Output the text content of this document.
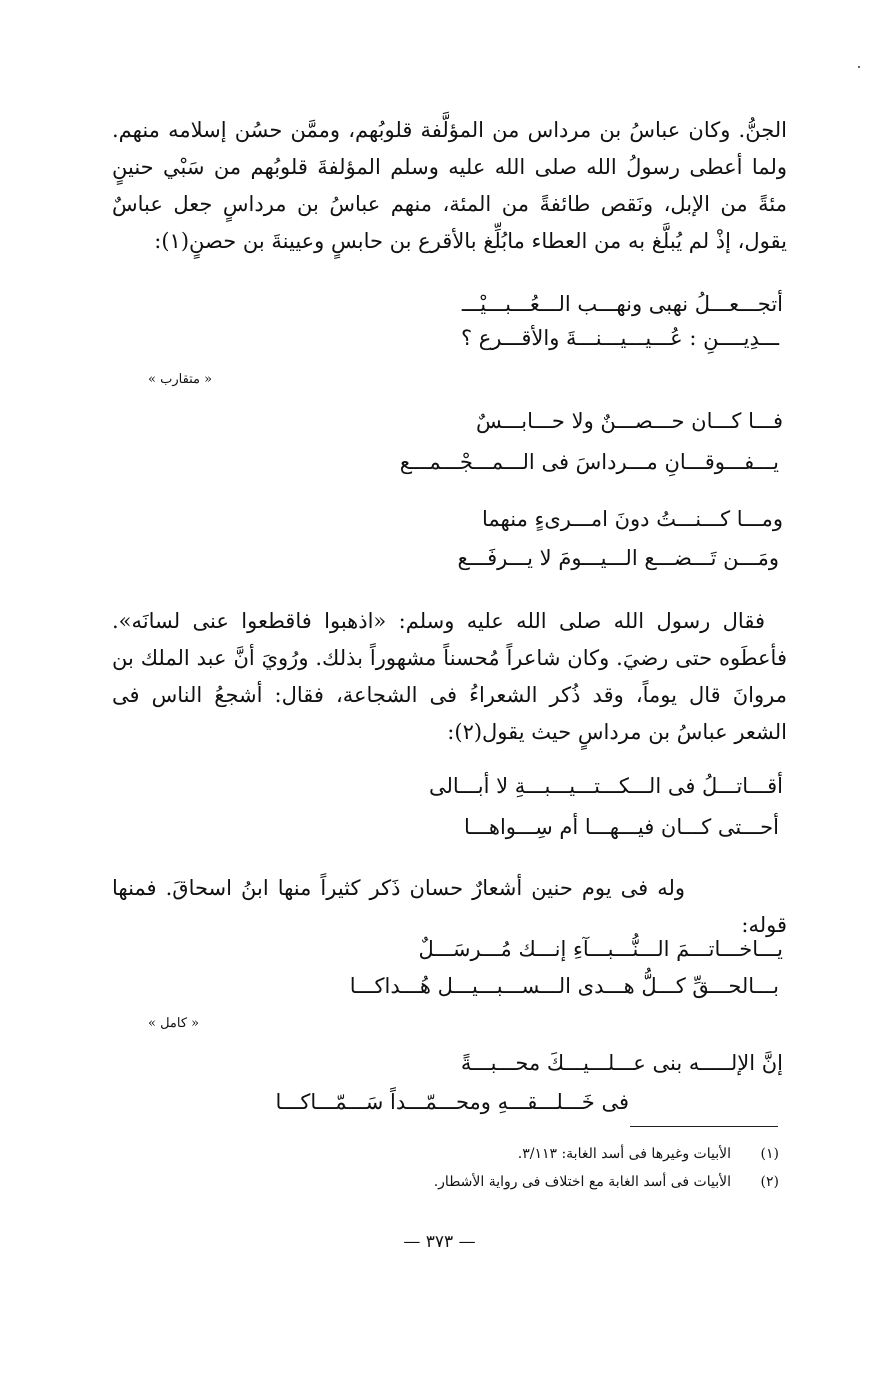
الجنُّ. وكان عباسُ بن مرداس من المؤلَّفة قلوبُهم، وممَّن حسُن إسلامه منهم. ولما أعطى رسولُ الله صلى الله عليه وسلم المؤلفةَ قلوبُهم من سَبْي حنينٍ مئةً من الإبل، ونَقص طائفةً من المئة، منهم عباسُ بن مرداسٍ جعل عباسٌ يقول، إذْ لم يُبلَّغ به من العطاء مابُلِّغ بالأقرع بن حابسٍ وعيينةَ بن حصنٍ(١):

أتجـــعـــلُ نهبى ونهـــب الـــعُـــبـــيْـــ
ـــدِيــــنِ : عُـــيـــيـــنـــةَ والأقـــرع ؟
« متقارب »
فـــا كـــان حـــصـــنٌ ولا حـــابـــسٌ
يـــفـــوقـــانِ مـــرداسَ فى الـــمـــجْـــمـــع
ومـــا كـــنـــتُ دونَ امـــرىءٍ منهما
ومَـــن تَـــضـــع الـــيـــومَ لا يـــرفَـــع

فقال رسول الله صلى الله عليه وسلم: «اذهبوا فاقطعوا عنى لسانَه». فأعطَوه حتى رضيَ. وكان شاعراً مُحسناً مشهوراً بذلك. ورُويَ أنَّ عبد الملك بن مروانَ قال يوماً، وقد ذُكر الشعراءُ فى الشجاعة، فقال: أشجعُ الناس فى الشعر عباسُ بن مرداسٍ حيث يقول(٢):

أقـــاتـــلُ فى الـــكـــتـــيـــبـــةِ لا أبـــالى
أحـــتى كـــان فيـــهـــا أم سِـــواهـــا

وله فى يوم حنين أشعارٌ حسان ذَكر كثيراً منها ابنُ اسحاقَ. فمنها قوله:

يـــاخـــاتـــمَ الـــنُّـــبـــآءِ إنـــك مُـــرسَـــلٌ
بـــالحـــقِّ كـــلُّ هـــدى الـــســـبـــيـــل هُـــداكـــا
« كامل »
إنَّ الإلـــــه بنى عـــلـــيـــكَ محـــبـــةً
فى خَـــلـــقـــهِ ومحـــمّـــداً سَـــمّـــاكـــا
(١)الأبيات وغيرها فى أسد الغابة: ٣/١١٣.
(٢)الأبيات فى أسد الغابة مع اختلاف فى رواية الأشطار.
— ٣٧٣ —
